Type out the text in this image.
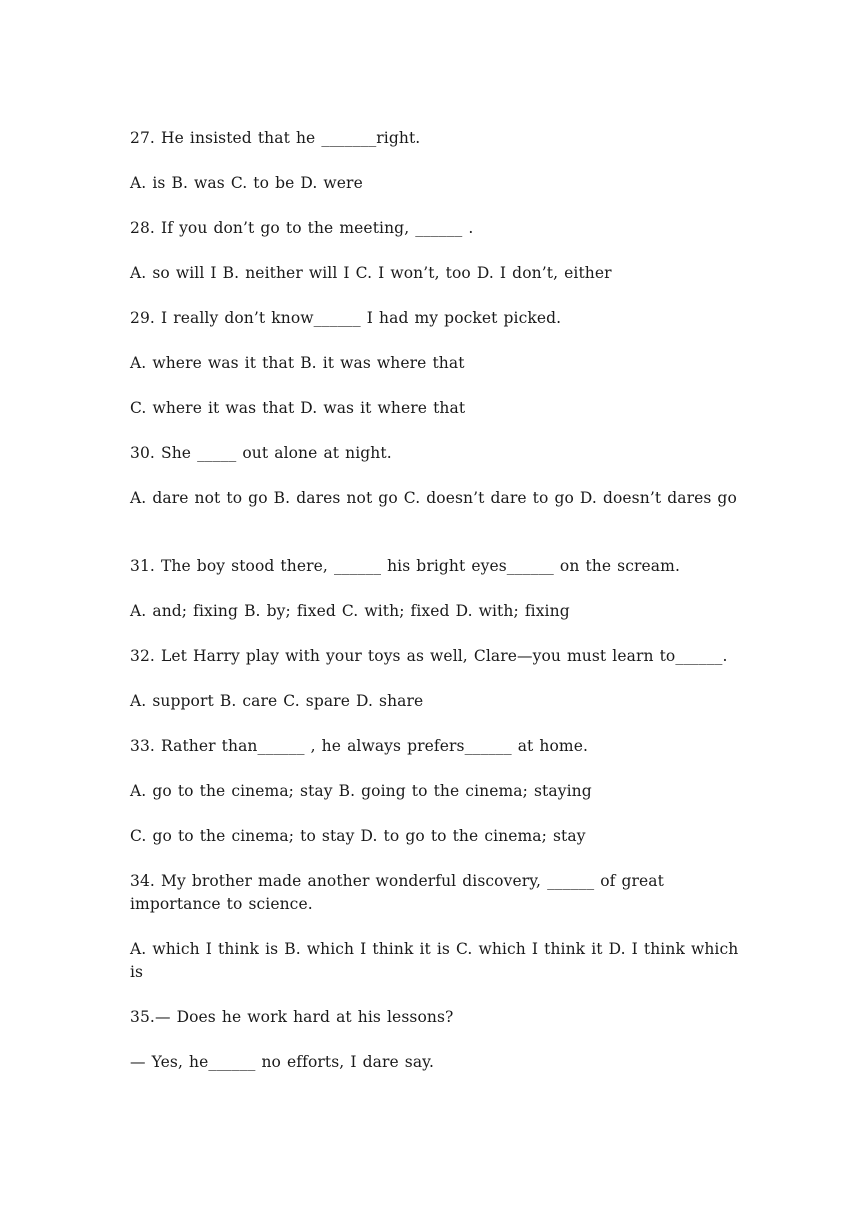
27. He insisted that he _______right.
A. is B. was C. to be D. were
28. If you don’t go to the meeting, ______ .
A. so will I B. neither will I C. I won’t, too D. I don’t, either
29. I really don’t know______ I had my pocket picked.
A. where was it that B. it was where that
C. where it was that D. was it where that
30. She _____ out alone at night.
A. dare not to go B. dares not go C. doesn’t dare to go D. doesn’t dares go
31. The boy stood there, ______ his bright eyes______ on the scream.
A. and; fixing B. by; fixed C. with; fixed D. with; fixing
32. Let Harry play with your toys as well, Clare—you must learn to______.
A. support B. care C. spare D. share
33. Rather than______ , he always prefers______ at home.
A. go to the cinema; stay B. going to the cinema; staying
C. go to the cinema; to stay D. to go to the cinema; stay
34. My brother made another wonderful discovery, ______ of great importance to science.
A. which I think is B. which I think it is C. which I think it D. I think which is
35.— Does he work hard at his lessons?
— Yes, he______ no efforts, I dare say.
